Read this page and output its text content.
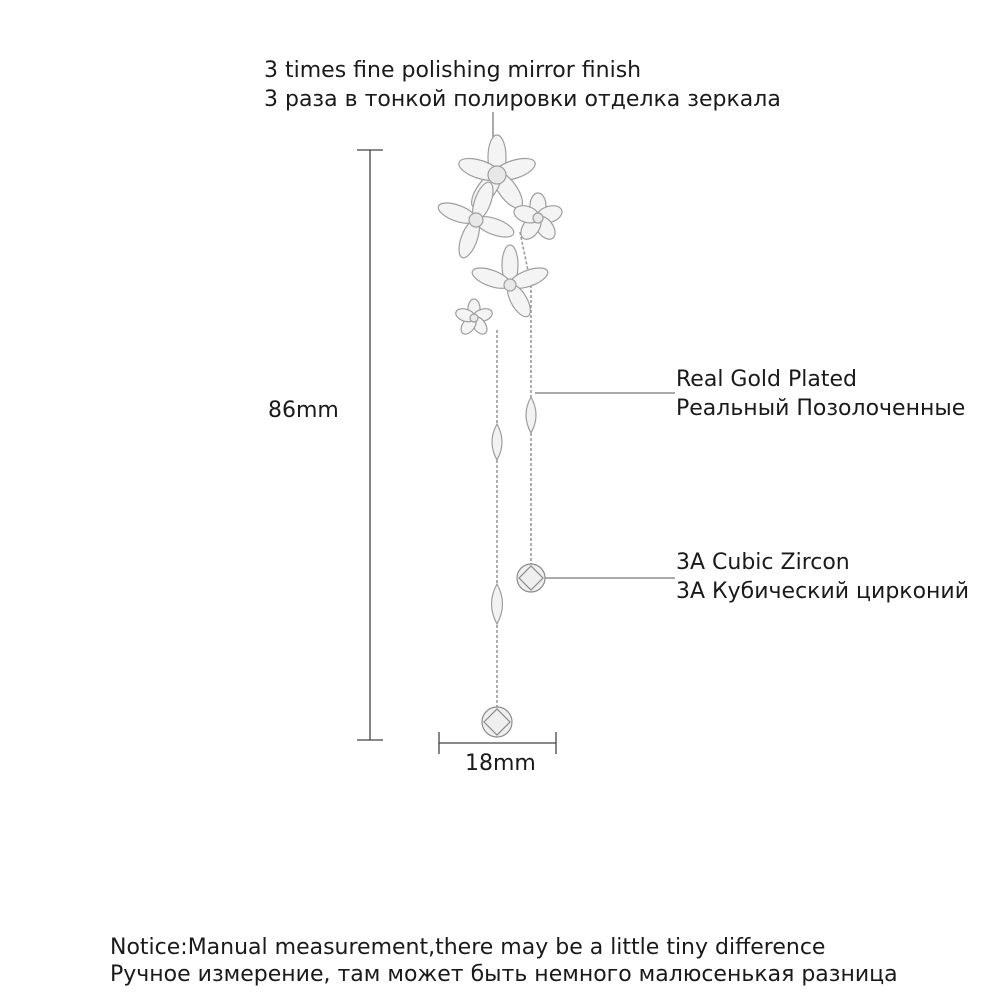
3 times fine polishing mirror finish
3 раза в тонкой полировки отделка зеркала
Real Gold Plated
Реальный Позолоченные
3A Cubic Zircon
3A Кубический цирконий
86mm
18mm
Notice:Manual measurement,there may be a little tiny difference
Ручное измерение, там может быть немного малюсенькая разница
